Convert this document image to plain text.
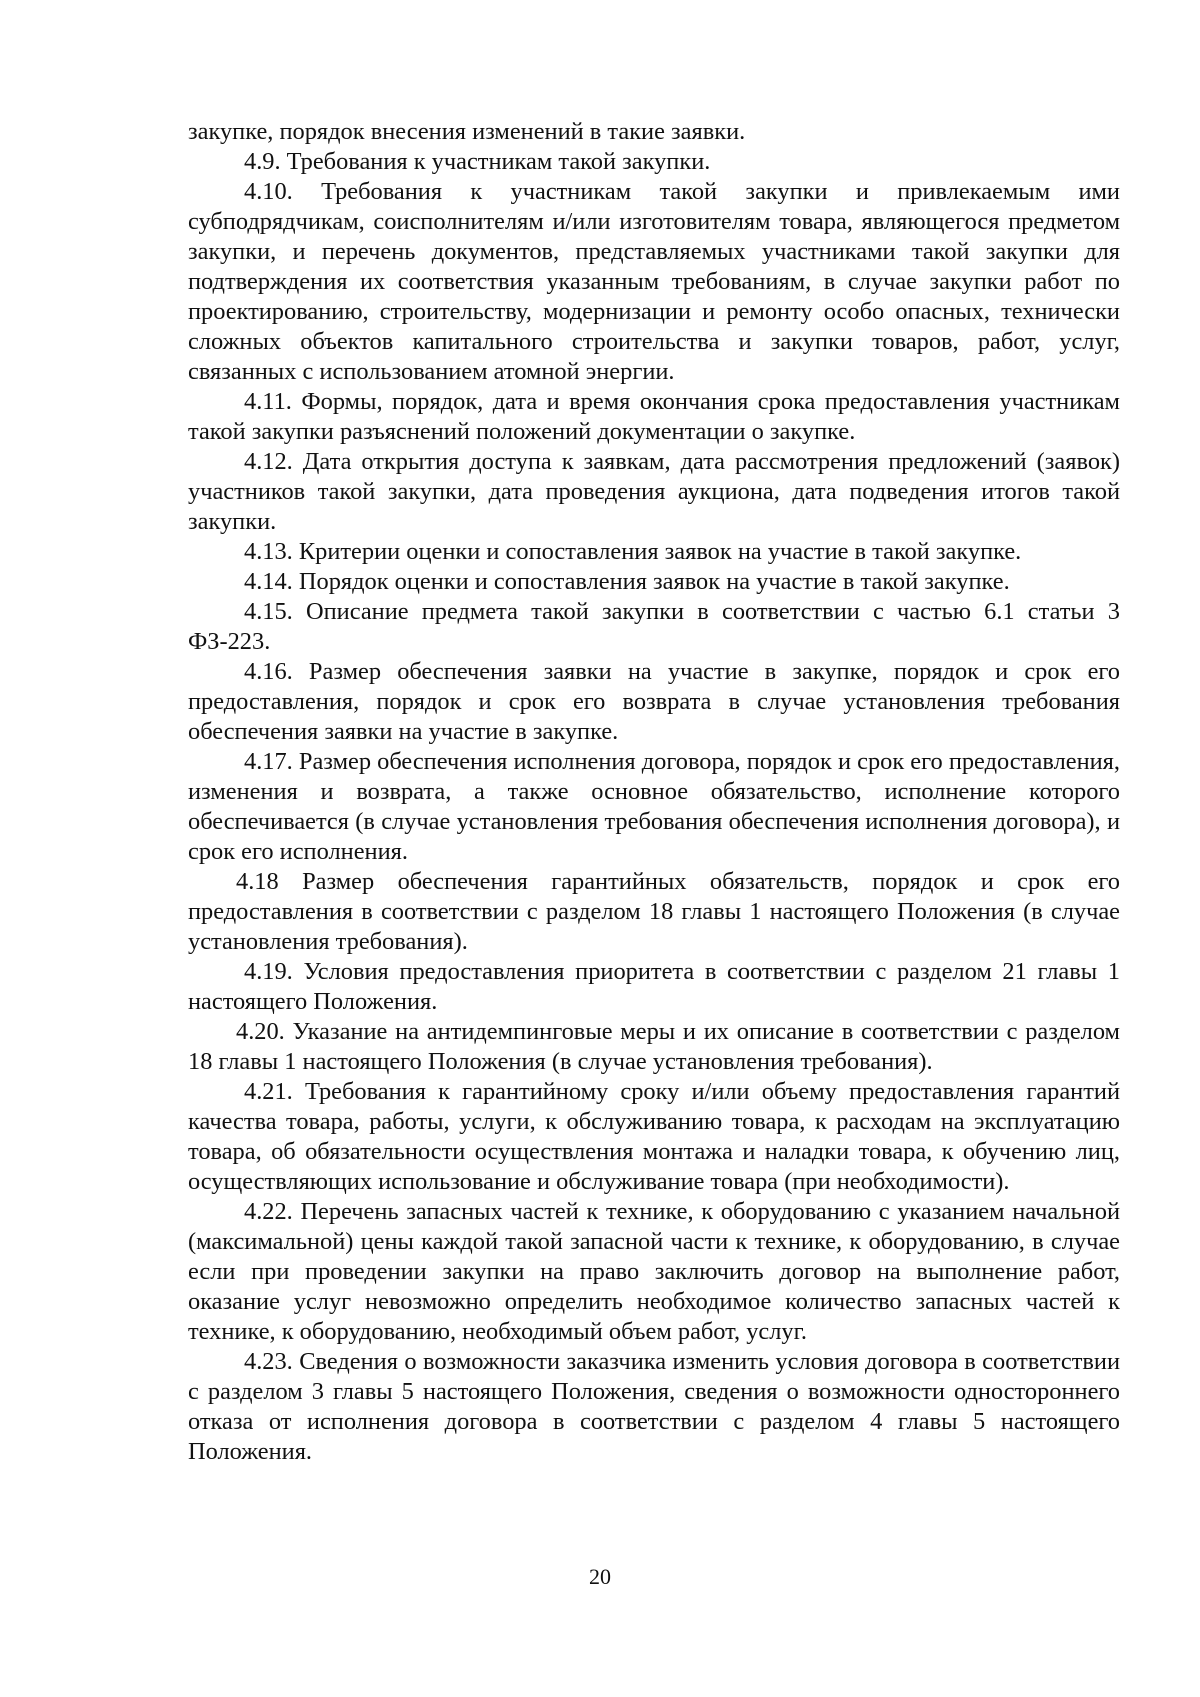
закупке, порядок внесения изменений в такие заявки.

4.9. Требования к участникам такой закупки.

4.10. Требования к участникам такой закупки и привлекаемым ими субподрядчикам, соисполнителям и/или изготовителям товара, являющегося предметом закупки, и перечень документов, представляемых участниками такой закупки для подтверждения их соответствия указанным требованиям, в случае закупки работ по проектированию, строительству, модернизации и ремонту особо опасных, технически сложных объектов капитального строительства и закупки товаров, работ, услуг, связанных с использованием атомной энергии.

4.11. Формы, порядок, дата и время окончания срока предоставления участникам такой закупки разъяснений положений документации о закупке.

4.12. Дата открытия доступа к заявкам, дата рассмотрения предложений (заявок) участников такой закупки, дата проведения аукциона, дата подведения итогов такой закупки.

4.13. Критерии оценки и сопоставления заявок на участие в такой закупке.

4.14. Порядок оценки и сопоставления заявок на участие в такой закупке.

4.15. Описание предмета такой закупки в соответствии с частью 6.1 статьи 3 ФЗ-223.

4.16. Размер обеспечения заявки на участие в закупке, порядок и срок его предоставления, порядок и срок его возврата в случае установления требования обеспечения заявки на участие в закупке.

4.17. Размер обеспечения исполнения договора, порядок и срок его предоставления, изменения и возврата, а также основное обязательство, исполнение которого обеспечивается (в случае установления требования обеспечения исполнения договора), и срок его исполнения.

4.18 Размер обеспечения гарантийных обязательств, порядок и срок его предоставления в соответствии с разделом 18 главы 1 настоящего Положения (в случае установления требования).

4.19. Условия предоставления приоритета в соответствии с разделом 21 главы 1 настоящего Положения.

4.20. Указание на антидемпинговые меры и их описание в соответствии с разделом 18 главы 1 настоящего Положения (в случае установления требования).

4.21. Требования к гарантийному сроку и/или объему предоставления гарантий качества товара, работы, услуги, к обслуживанию товара, к расходам на эксплуатацию товара, об обязательности осуществления монтажа и наладки товара, к обучению лиц, осуществляющих использование и обслуживание товара (при необходимости).

4.22. Перечень запасных частей к технике, к оборудованию с указанием начальной (максимальной) цены каждой такой запасной части к технике, к оборудованию, в случае если при проведении закупки на право заключить договор на выполнение работ, оказание услуг невозможно определить необходимое количество запасных частей к технике, к оборудованию, необходимый объем работ, услуг.

4.23. Сведения о возможности заказчика изменить условия договора в соответствии с разделом 3 главы 5 настоящего Положения, сведения о возможности одностороннего отказа от исполнения договора в соответствии с разделом 4 главы 5 настоящего Положения.

20
